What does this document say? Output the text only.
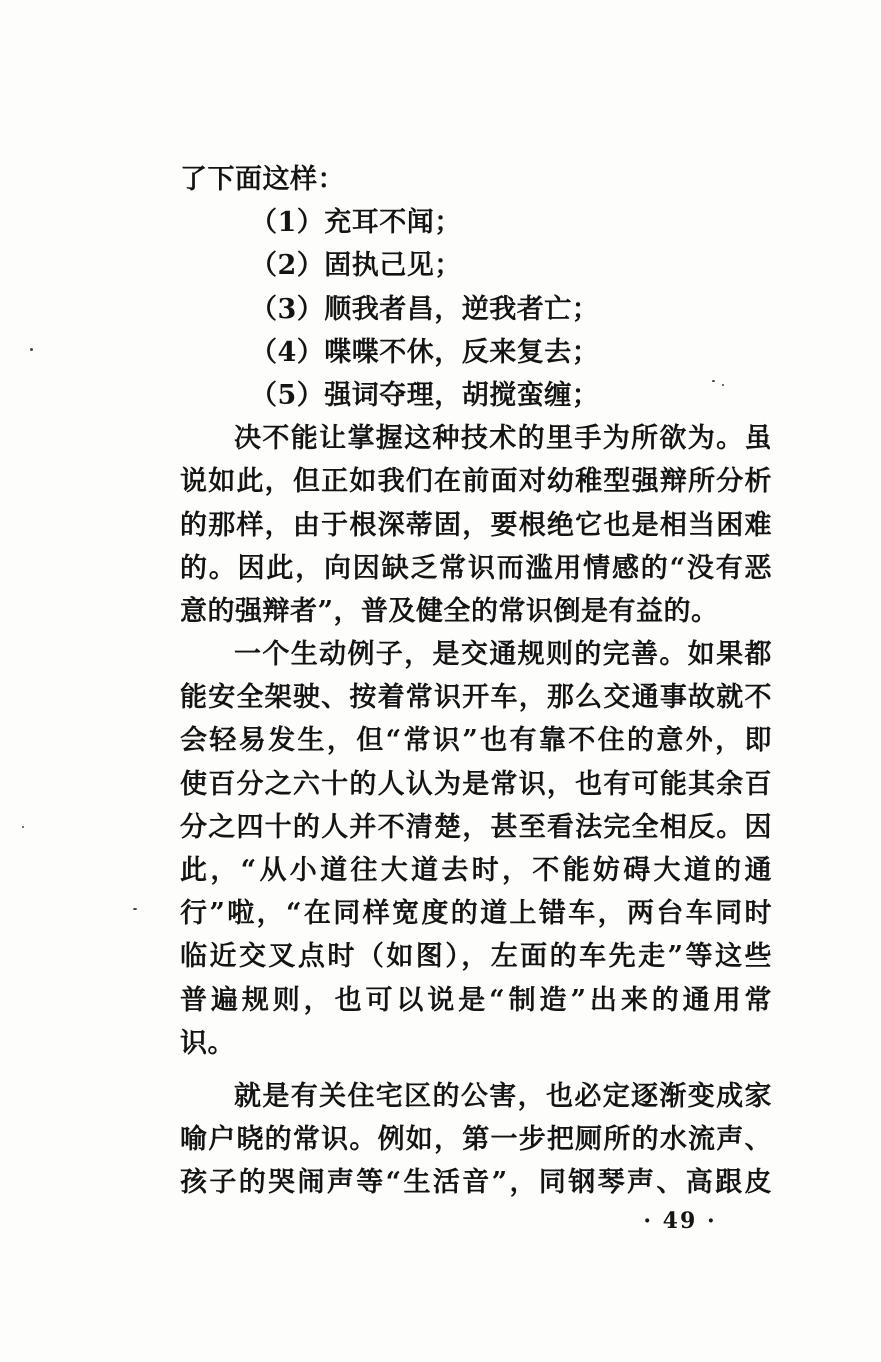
了下面这样：
（1）充耳不闻；
（2）固执己见；
（3）顺我者昌，逆我者亡；
（4）喋喋不休，反来复去；
（5）强词夺理，胡搅蛮缠；
决不能让掌握这种技术的里手为所欲为。虽
说如此，但正如我们在前面对幼稚型强辩所分析
的那样，由于根深蒂固，要根绝它也是相当困难
的。因此，向因缺乏常识而滥用情感的“没有恶
意的强辩者”，普及健全的常识倒是有益的。
一个生动例子，是交通规则的完善。如果都
能安全架驶、按着常识开车，那么交通事故就不
会轻易发生，但“常识”也有靠不住的意外，即
使百分之六十的人认为是常识，也有可能其余百
分之四十的人并不清楚，甚至看法完全相反。因
此，“从小道往大道去时，不能妨碍大道的通
行”啦，“在同样宽度的道上错车，两台车同时
临近交叉点时（如图），左面的车先走”等这些
普遍规则，也可以说是“制造”出来的通用常
识。
就是有关住宅区的公害，也必定逐渐变成家
喻户晓的常识。例如，第一步把厕所的水流声、
孩子的哭闹声等“生活音”，同钢琴声、高跟皮
· 49 ·
